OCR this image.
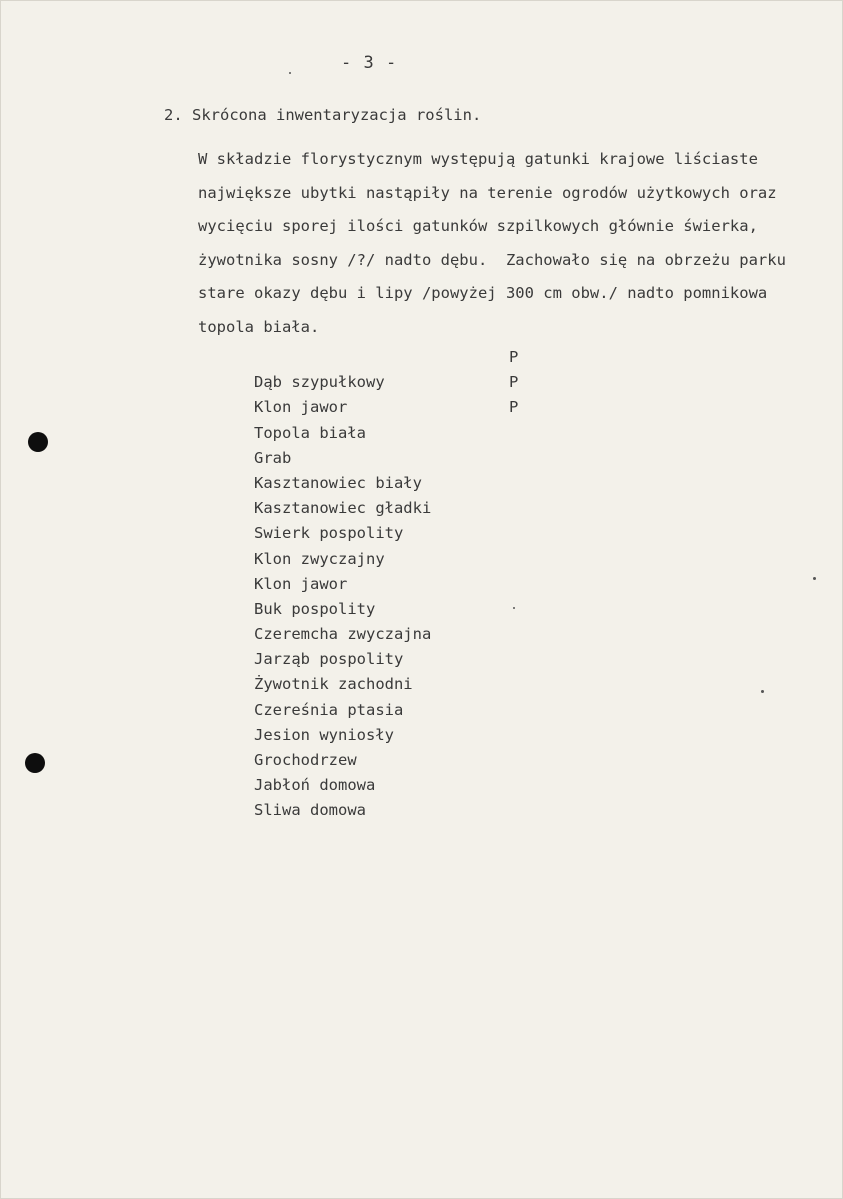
- 3 -
2. Skrócona inwentaryzacja roślin.
W składzie florystycznym występują gatunki krajowe liściaste
największe ubytki nastąpiły na terenie ogrodów użytkowych oraz
wycięciu sporej ilości gatunków szpilkowych głównie świerka,
żywotnika sosny /?/ nadto dębu.  Zachowało się na obrzeżu parku
stare okazy dębu i lipy /powyżej 300 cm obw./ nadto pomnikowa
topola biała.

Dąb szypułkowy

P

Klon jawor

P

Topola biała

P

Grab

Kasztanowiec biały

Kasztanowiec gładki

Swierk pospolity

Klon zwyczajny

Klon jawor

Buk pospolity

Czeremcha zwyczajna

Jarząb pospolity

Żywotnik zachodni

Czereśnia ptasia

Jesion wyniosły

Grochodrzew

Jabłoń domowa

Sliwa domowa
